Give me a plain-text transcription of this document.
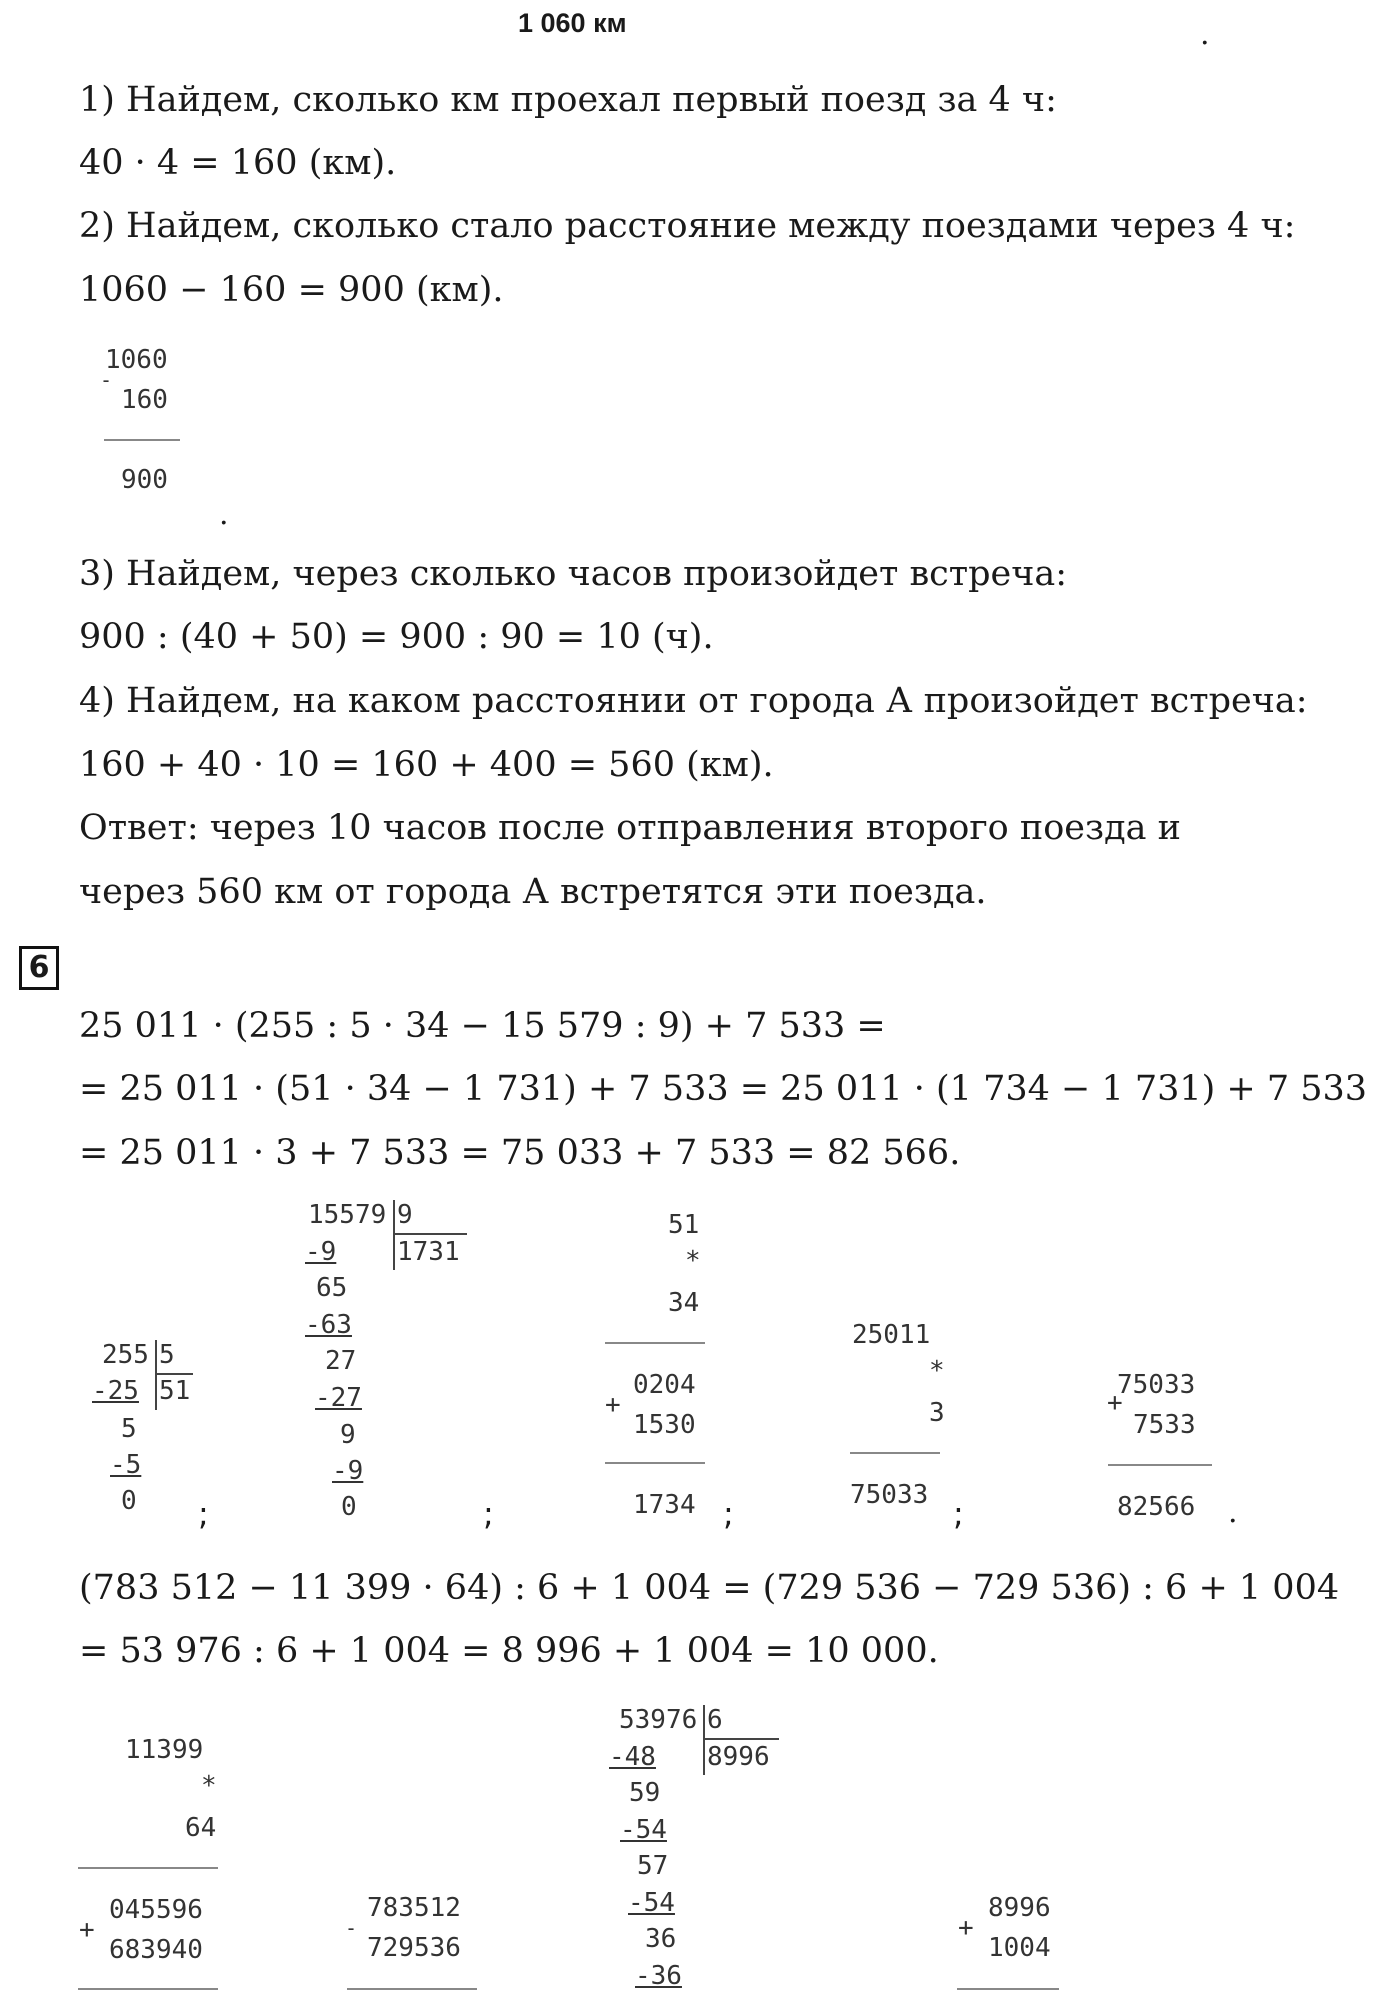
1 060 км	.
1) Найдем, сколько км проехал первый поезд за 4 ч:
40 · 4 = 160 (км).
2) Найдем, сколько стало расстояние между поездами через 4 ч:
1060 − 160 = 900 (км).
1060
-
160
900
.
3) Найдем, через сколько часов произойдет встреча:
900 : (40 + 50) = 900 : 90 = 10 (ч).
4) Найдем, на каком расстоянии от города А произойдет встреча:
160 + 40 · 10 = 160 + 400 = 560 (км).
Ответ: через 10 часов после отправления второго поезда и
через 560 км от города А встретятся эти поезда.
6
25 011 · (255 : 5 · 34 − 15 579 : 9) + 7 533 =
= 25 011 · (51 · 34 − 1 731) + 7 533 = 25 011 · (1 734 − 1 731) + 7 533
= 25 011 · 3 + 7 533 = 75 033 + 7 533 = 82 566.
255 5
51
-25
5
-5
0 ;
15579 9
1731
-9
65
-63
27
-27
9
-9
0	;
51
*
34
0204
+
1530
1734 ;
25011
*
3
75033 ;
75033
+
7533
82566 .
(783 512 − 11 399 · 64) : 6 + 1 004 = (729 536 − 729 536) : 6 + 1 004
= 53 976 : 6 + 1 004 = 8 996 + 1 004 = 10 000.
11399
*
64
045596
+
683940
783512
-
729536
53976 6
8996
-48
59
-54
57
-54
36
-36
8996
+
1004
